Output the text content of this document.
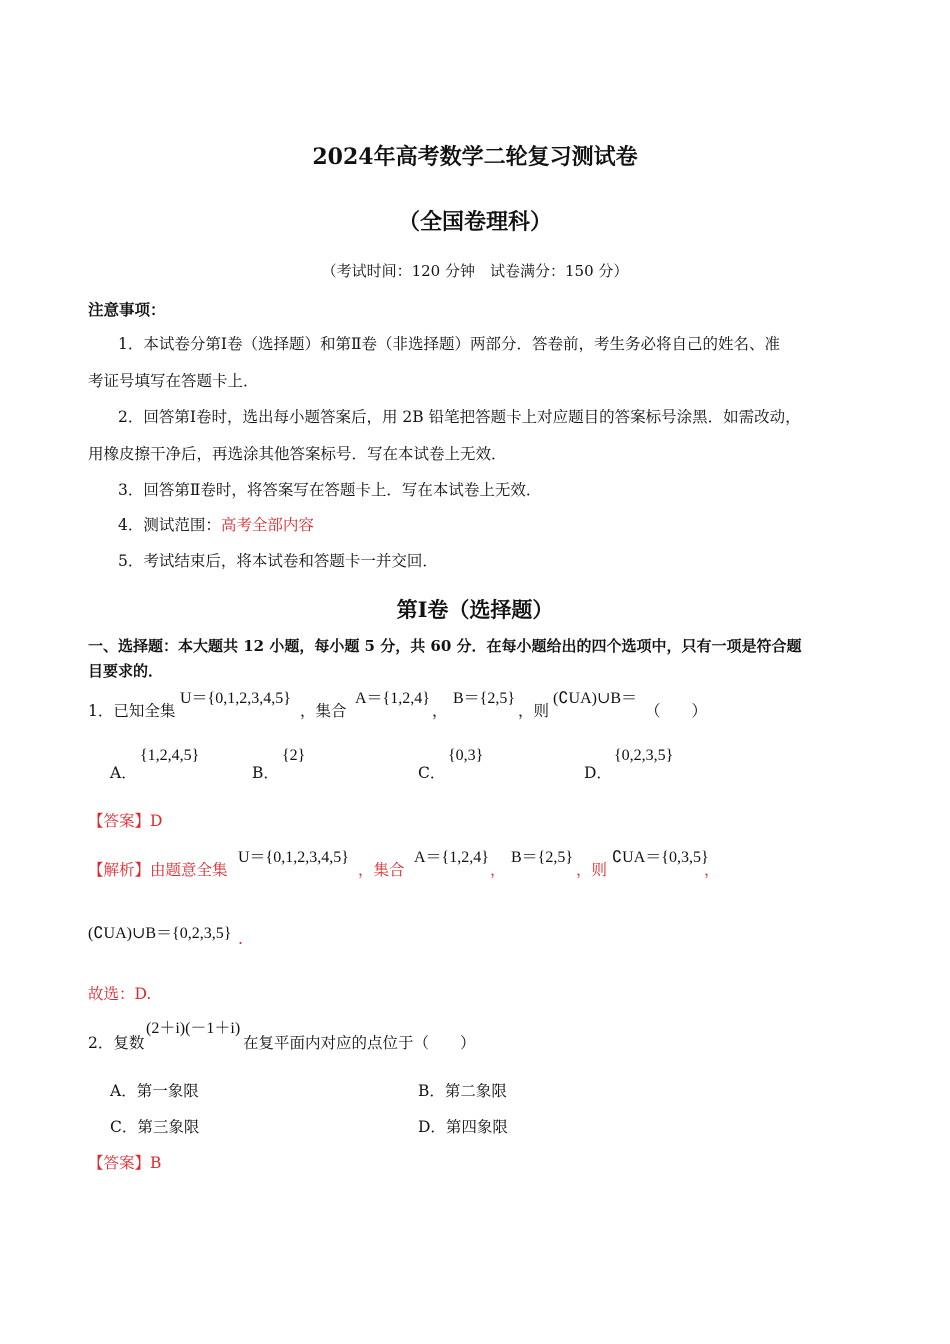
2024年高考数学二轮复习测试卷
（全国卷理科）
（考试时间：120 分钟　试卷满分：150 分）
注意事项：
1．本试卷分第Ⅰ卷（选择题）和第Ⅱ卷（非选择题）两部分．答卷前，考生务必将自己的姓名、准
考证号填写在答题卡上．
2．回答第Ⅰ卷时，选出每小题答案后，用 2B 铅笔把答题卡上对应题目的答案标号涂黑．如需改动，
用橡皮擦干净后，再选涂其他答案标号．写在本试卷上无效．
3．回答第Ⅱ卷时，将答案写在答题卡上．写在本试卷上无效．
4．测试范围：高考全部内容
5．考试结束后，将本试卷和答题卡一并交回．
第Ⅰ卷（选择题）
一、选择题：本大题共 12 小题，每小题 5 分，共 60 分．在每小题给出的四个选项中，只有一项是符合题
目要求的．
1．已知全集
U＝{0,1,2,3,4,5}
，集合
A＝{1,2,4}
，
B＝{2,5}
，则
(∁UA)∪B＝
（　　）
A．
{1,2,4,5}
B．
{2}
C．
{0,3}
D．
{0,2,3,5}
【答案】D
【解析】由题意全集
U＝{0,1,2,3,4,5}
，集合
A＝{1,2,4}
，
B＝{2,5}
，则
∁UA＝{0,3,5}
，
(∁UA)∪B＝{0,2,3,5} .
故选：D.
2．复数
(2＋i)(－1＋i)
在复平面内对应的点位于（　　）
A．第一象限	B．第二象限
C．第三象限	D．第四象限
【答案】B
